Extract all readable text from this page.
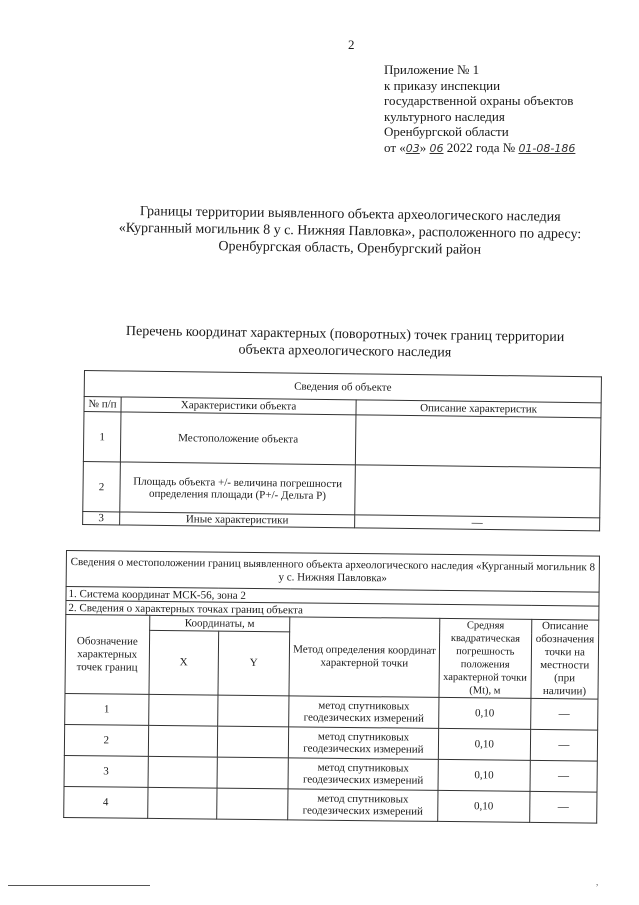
2
Приложение № 1
к приказу инспекции
государственной охраны объектов
культурного наследия
Оренбургской области
от «03» 06 2022 года № 01-08-186
Границы территории выявленного объекта археологического наследия
«Курганный могильник 8 у с. Нижняя Павловка», расположенного по адресу:
Оренбургская область, Оренбургский район
Перечень координат характерных (поворотных) точек границ территории
объекта археологического наследия
Сведения об объекте		
№ п/п	Характеристики объекта	Описание характеристик
1	Местоположение объекта	
2	Площадь объекта +/- величина погрешности определения площади (P+/- Дельта P)	
3	Иные характеристики	—
Сведения о местоположении границ выявленного объекта археологического наследия «Курганный могильник 8 у с. Нижняя Павловка»					
1. Система координат МСК-56, зона 2					
2. Сведения о характерных точках границ объекта					
Обозначение характерных точек границ	Координаты, м		Метод определения координат характерной точки	Средняя квадратическая погрешность положения характерной точки (Mt), м	Описание обозначения точки на местности (при наличии)
	X	Y			
1			метод спутниковых геодезических измерений	0,10	—
2			метод спутниковых геодезических измерений	0,10	—
3			метод спутниковых геодезических измерений	0,10	—
4			метод спутниковых геодезических измерений	0,10	—
,
